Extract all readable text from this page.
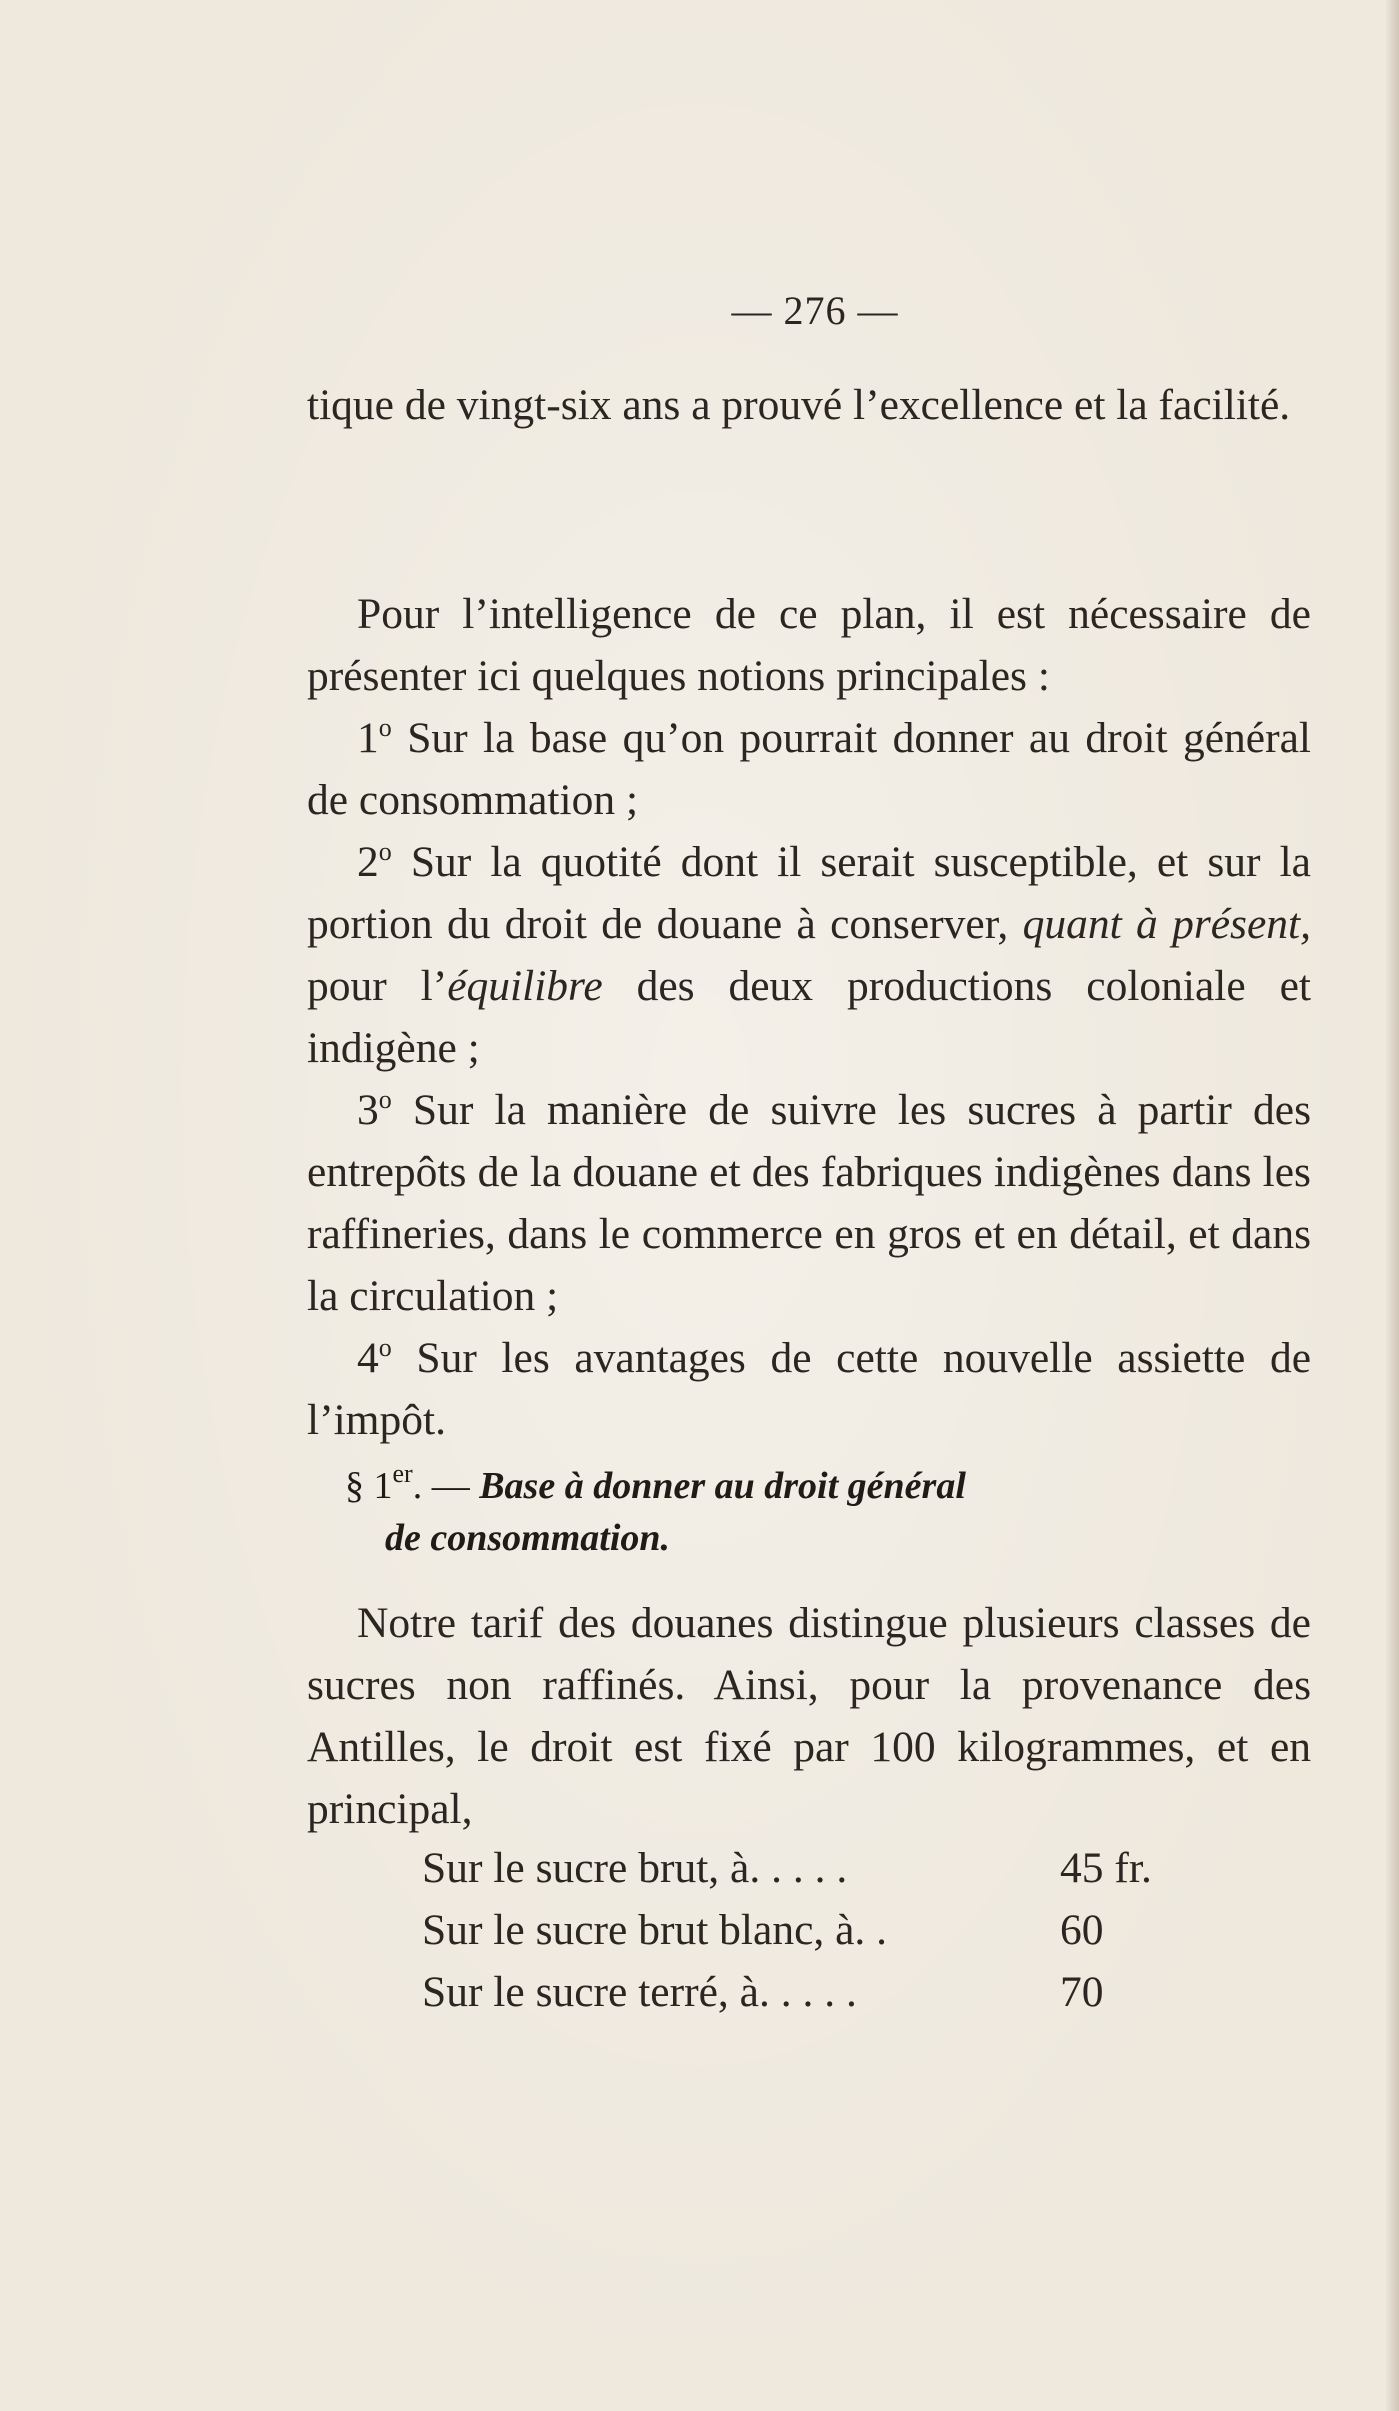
— 276 —

tique de vingt-six ans a prouvé l’excellence et la facilité.

Pour l’intelligence de ce plan, il est nécessaire de présenter ici quelques notions principales :

1$^o$ Sur la base qu’on pourrait donner au droit général de consommation ;

2$^o$ Sur la quotité dont il serait susceptible, et sur la portion du droit de douane à conserver, quant à présent, pour l’équilibre des deux productions coloniale et indigène ;

3$^o$ Sur la manière de suivre les sucres à partir des entrepôts de la douane et des fabriques indigènes dans les raffineries, dans le commerce en gros et en détail, et dans la circulation ;

4$^o$ Sur les avantages de cette nouvelle assiette de l’impôt.

§ 1er. — Base à donner au droit général
de consommation.

Notre tarif des douanes distingue plusieurs classes de sucres non raffinés. Ainsi, pour la provenance des Antilles, le droit est fixé par 100 kilogrammes, et en principal,

Sur le sucre brut, à. . . . .	45 fr.
Sur le sucre brut blanc, à. .	60
Sur le sucre terré, à. . . . .	70
